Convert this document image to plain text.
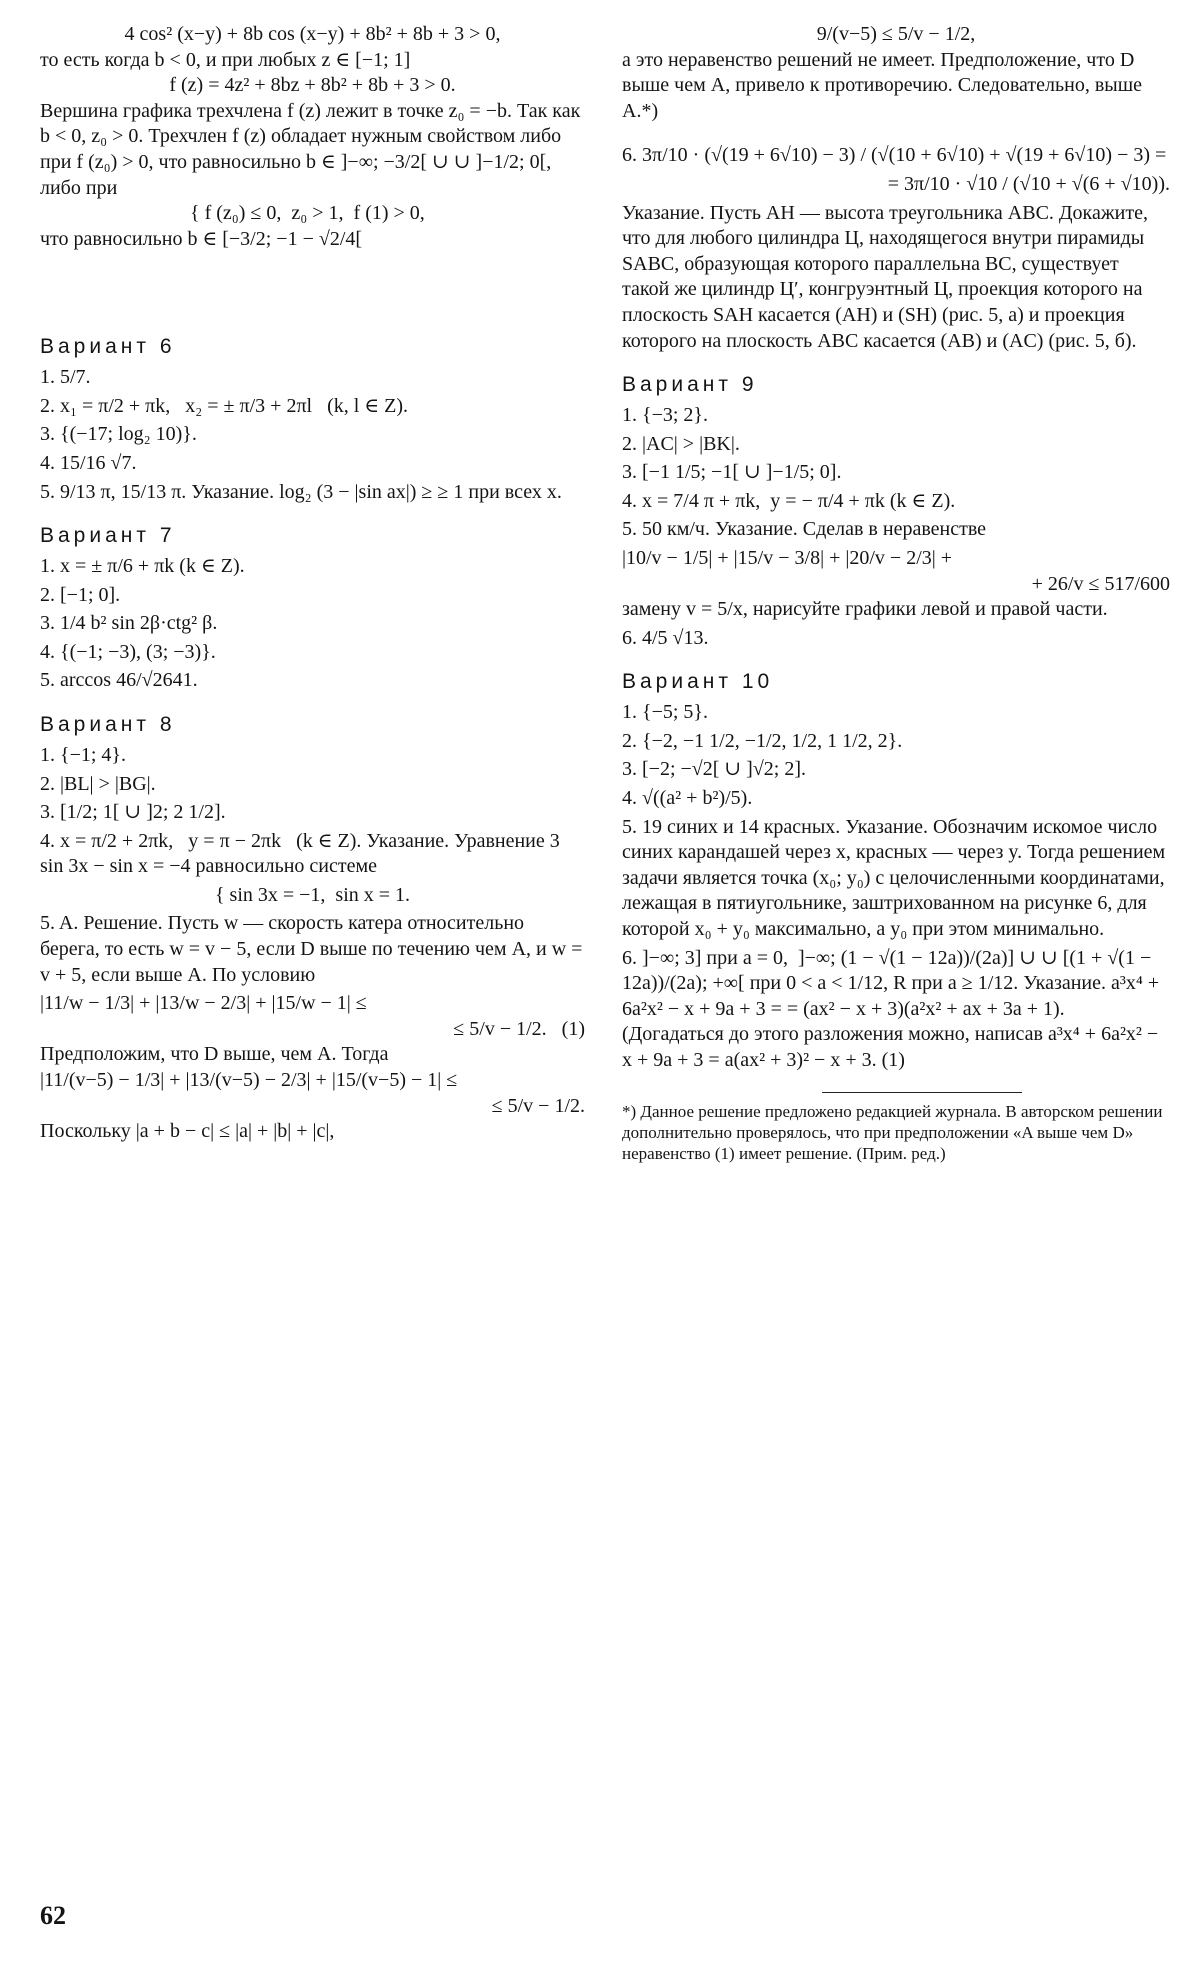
4 cos² (x−y) + 8b cos (x−y) + 8b² + 8b + 3 > 0,
то есть когда b < 0, и при любых z ∈ [−1; 1]
f (z) = 4z² + 8bz + 8b² + 8b + 3 > 0.
Вершина графика трехчлена f (z) лежит в точке z₀ = −b. Так как b < 0, z₀ > 0. Трехчлен f (z) обладает нужным свойством либо при f (z₀) > 0, что равносильно b ∈ ]−∞; −3/2[ ∪ ∪ ]−1/2; 0[, либо при
{ f (z₀) ≤ 0,  z₀ > 1,  f (1) > 0,
что равносильно b ∈ [−3/2; −1 − √2/4[
Вариант 6
1. 5/7.
2. x₁ = π/2 + πk,   x₂ = ± π/3 + 2πl   (k, l ∈ Z).
3. {(−17; log₂ 10)}.
4. 15/16 √7.
5. 9/13 π, 15/13 π. Указание. log₂ (3 − |sin ax|) ≥ ≥ 1 при всех x.
Вариант 7
1. x = ± π/6 + πk (k ∈ Z).
2. [−1; 0].
3. 1/4 b² sin 2β·ctg² β.
4. {(−1; −3), (3; −3)}.
5. arccos 46/√2641.
Вариант 8
1. {−1; 4}.
2. |BL| > |BG|.
3. [1/2; 1[ ∪ ]2; 2 1/2].
4. x = π/2 + 2πk,   y = π − 2πk   (k ∈ Z). Указание. Уравнение 3 sin 3x − sin x = −4 равносильно системе
{ sin 3x = −1,  sin x = 1.
5. A. Решение. Пусть w — скорость катера относительно берега, то есть w = v − 5, если D выше по течению чем A, и w = v + 5, если выше A. По условию
|11/w − 1/3| + |13/w − 2/3| + |15/w − 1| ≤
≤ 5/v − 1/2.   (1)
Предположим, что D выше, чем A. Тогда
|11/(v−5) − 1/3| + |13/(v−5) − 2/3| + |15/(v−5) − 1| ≤
≤ 5/v − 1/2.
Поскольку |a + b − c| ≤ |a| + |b| + |c|,
9/(v−5) ≤ 5/v − 1/2,
а это неравенство решений не имеет. Предположение, что D выше чем A, привело к противоречию. Следовательно, выше A.*)
6. 3π/10 · (√(19 + 6√10) − 3) / (√(10 + 6√10) + √(19 + 6√10) − 3) =
= 3π/10 · √10 / (√10 + √(6 + √10)).
Указание. Пусть AH — высота треугольника ABC. Докажите, что для любого цилиндра Ц, находящегося внутри пирамиды SABC, образующая которого параллельна BC, существует такой же цилиндр Ц′, конгруэнтный Ц, проекция которого на плоскость SAH касается (AH) и (SH) (рис. 5, а) и проекция которого на плоскость ABC касается (AB) и (AC) (рис. 5, б).
Вариант 9
1. {−3; 2}.
2. |AC| > |BK|.
3. [−1 1/5; −1[ ∪ ]−1/5; 0].
4. x = 7/4 π + πk,  y = − π/4 + πk (k ∈ Z).
5. 50 км/ч. Указание. Сделав в неравенстве
|10/v − 1/5| + |15/v − 3/8| + |20/v − 2/3| +
+ 26/v ≤ 517/600
замену v = 5/x, нарисуйте графики левой и правой части.
6. 4/5 √13.
Вариант 10
1. {−5; 5}.
2. {−2, −1 1/2, −1/2, 1/2, 1 1/2, 2}.
3. [−2; −√2[ ∪ ]√2; 2].
4. √((a² + b²)/5).
5. 19 синих и 14 красных. Указание. Обозначим искомое число синих карандашей через x, красных — через y. Тогда решением задачи является точка (x₀; y₀) с целочисленными координатами, лежащая в пятиугольнике, заштрихованном на рисунке 6, для которой x₀ + y₀ максимально, а y₀ при этом минимально.
6. ]−∞; 3] при a = 0,  ]−∞; (1 − √(1 − 12a))/(2a)] ∪ ∪ [(1 + √(1 − 12a))/(2a); +∞[ при 0 < a < 1/12, R при a ≥ 1/12. Указание. a³x⁴ + 6a²x² − x + 9a + 3 = = (ax² − x + 3)(a²x² + ax + 3a + 1). (Догадаться до этого разложения можно, написав a³x⁴ + 6a²x² − x + 9a + 3 = a(ax² + 3)² − x + 3. (1)
*) Данное решение предложено редакцией журнала. В авторском решении дополнительно проверялось, что при предположении «A выше чем D» неравенство (1) имеет решение. (Прим. ред.)
62
